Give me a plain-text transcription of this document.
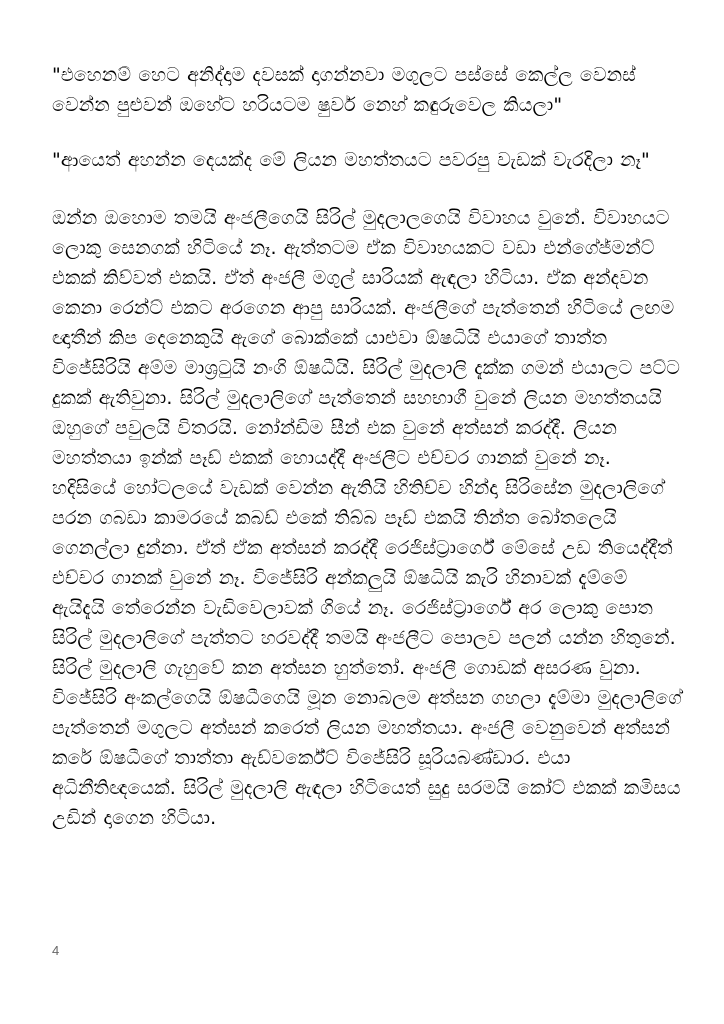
"එහෙනම් හෙට අනිද්දාම දවසක් දාගන්නවා මගුලට පස්සේ කෙල්ල වෙනස් වෙන්න පුළුවන් ඔහේට හරියටම ෂුවර් නෙහ් කඳුරුවෙල කියලා"

"ආයෙත් අහන්න දෙයක්ද මේ ලියන මහත්තයට පවරපු වැඩක් වැරදිලා නෑ"

ඔන්න ඔහොම තමයි අංජලීගෙයි සිරිල් මුදලාලගෙයි විවාහය වුනේ. විවාහයට ලොකු සෙනගක් හිටියේ නෑ. ඇත්තටම ඒක විවාහයකට වඩා එන්ගේජ්මන්ට් එකක් කිව්වත් එකයි. ඒත් අංජලී මගුල් සාරියක් ඇඳලා හිටියා. ඒක අන්දවන කෙනා රෙන්ට් එකට අරගෙන ආපු සාරියක්. අංජලීගේ පැත්තෙන් හිටියේ ලඟම ඥාතීන් කිප දෙනෙකුයි ඇගේ බොක්කේ යාළුවා ඕෂධියි එයාගේ තාත්ත විජේසිරියි අම්ම මාශ්‍රටුයි නංගි ඕෂධීයි. සිරිල් මුදලාලි දැක්ක ගමන් එයාලට පට්ට දුකක් ඇතිවුනා. සිරිල් මුදලාලිගේ පැත්තෙන් සහභාගී වුනේ ලියන මහත්තයයි ඔහුගේ පවුලයි විතරයි. නෝන්ඩිම සීන් එක වුනේ අත්සන් කරද්දී. ලියන මහත්තයා ඉන්ක් පෑඩ් එකක් හොයද්දී අංජලීට එච්චර ගානක් වුනේ නෑ. හදිසියේ හෝටලයේ වැඩක් වෙන්න ඇතියි හිතිච්ච හින්දා සිරිසේන මුදලාලිගේ පරන ගබඩා කාමරයේ කබඩ් එකේ තිබ්බ පෑඩ් එකයි තින්ත බෝතලෙයි ගෙනල්ලා දුන්නා. ඒත් ඒක අත්සන් කරද්දී රෙජිස්ට්‍රාර්ගේ මේසේ උඩ තියෙද්දීත් එච්චර ගානක් වුනේ නෑ. විජේසිරි අන්කලුයි ඕෂධියි කැරි හිනාවක් දැම්මේ ඇයිදැයි තේරෙන්න වැඩිවෙලාවක් ගියේ නෑ. රෙජිස්ට්‍රාර්ගේ අර ලොකු පොත සිරිල් මුදලාලිගේ පැත්තට හරවද්දී තමයි අංජලීට පොලව පලන් යන්න හිතුනේ. සිරිල් මුදලාලි ගැහුවේ කන අත්සන හුත්තෝ. අංජලී ගොඩක් අසරණ වුනා. විජේසිරි අංකල්ගෙයි ඕෂධීගෙයි මූන නොබලම අත්සන ගහලා දැම්මා මුදලාලිගේ පැත්තෙන් මගුලට අත්සන් කරෙත් ලියන මහත්තයා. අංජලී වෙනුවෙන් අත්සන් කරේ ඕෂධීගේ තාත්තා ඇඩ්වර්කේට් විජේසිරි සූරියබණ්ඩාර. එයා අධිනීතිඥයෙක්. සිරිල් මුදලාලි ඇඳලා හිටියෙත් සුදු සරමයි කෝට් එකක් කමිසය උඩින් දාගෙන හිටියා.

4
